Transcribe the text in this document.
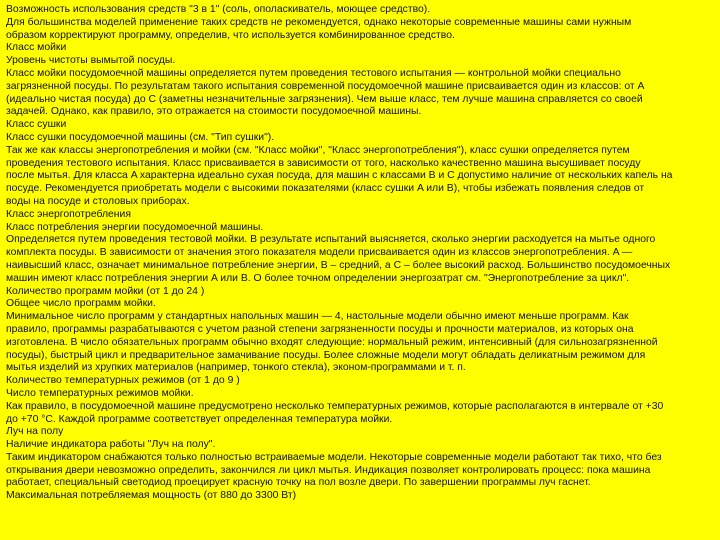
Возможность использования средств "3 в 1" (соль, ополаскиватель, моющее средство).
Для большинства моделей применение таких средств не рекомендуется, однако некоторые современные машины сами нужным
образом корректируют программу, определив, что используется комбинированное средство.
Класс мойки
Уровень чистоты вымытой посуды.
Класс мойки посудомоечной машины определяется путем проведения тестового испытания — контрольной мойки специально
загрязненной посуды. По результатам такого испытания современной посудомоечной машине присваивается один из классов: от A
(идеально чистая посуда) до C (заметны незначительные загрязнения). Чем выше класс, тем лучше машина справляется со своей
задачей. Однако, как правило, это отражается на стоимости посудомоечной машины.
Класс сушки
Класс сушки посудомоечной машины (см. "Тип сушки").
Так же как классы энергопотребления и мойки (см. "Класс мойки", "Класс энергопотребления"), класс сушки определяется путем
проведения тестового испытания. Класс присваивается в зависимости от того, насколько качественно машина высушивает посуду
после мытья. Для класса A характерна идеально сухая посуда, для машин с классами B и C допустимо наличие от нескольких капель на
посуде. Рекомендуется приобретать модели с высокими показателями (класс сушки A или B), чтобы избежать появления следов от
воды на посуде и столовых приборах.
Класс энергопотребления
Класс потребления энергии посудомоечной машины.
Определяется путем проведения тестовой мойки. В результате испытаний выясняется, сколько энергии расходуется на мытье одного
комплекта посуды. В зависимости от значения этого показателя модели присваивается один из классов энергопотребления. A —
наивысший класс, означает минимальное потребление энергии, B – средний, а C – более высокий расход. Большинство посудомоечных
машин имеют класс потребления энергии A или B. О более точном определении энергозатрат см. "Энергопотребление за цикл".
Количество программ мойки (от 1 до 24 )
Общее число программ мойки.
Минимальное число программ у стандартных напольных машин — 4, настольные модели обычно имеют меньше программ. Как
правило, программы разрабатываются с учетом разной степени загрязненности посуды и прочности материалов, из которых она
изготовлена. В число обязательных программ обычно входят следующие: нормальный режим, интенсивный (для сильнозагрязненной
посуды), быстрый цикл и предварительное замачивание посуды. Более сложные модели могут обладать деликатным режимом для
мытья изделий из хрупких материалов (например, тонкого стекла), эконом-программами и т. п.
Количество температурных режимов (от 1 до 9 )
Число температурных режимов мойки.
Как правило, в посудомоечной машине предусмотрено несколько температурных режимов, которые располагаются в интервале от +30
до +70 °C. Каждой программе соответствует определенная температура мойки.
Луч на полу
Наличие индикатора работы "Луч на полу".
Таким индикатором снабжаются только полностью встраиваемые модели. Некоторые современные модели работают так тихо, что без
открывания двери невозможно определить, закончился ли цикл мытья. Индикация позволяет контролировать процесс: пока машина
работает, специальный светодиод проецирует красную точку на пол возле двери. По завершении программы луч гаснет.
Максимальная потребляемая мощность (от 880 до 3300 Вт)
